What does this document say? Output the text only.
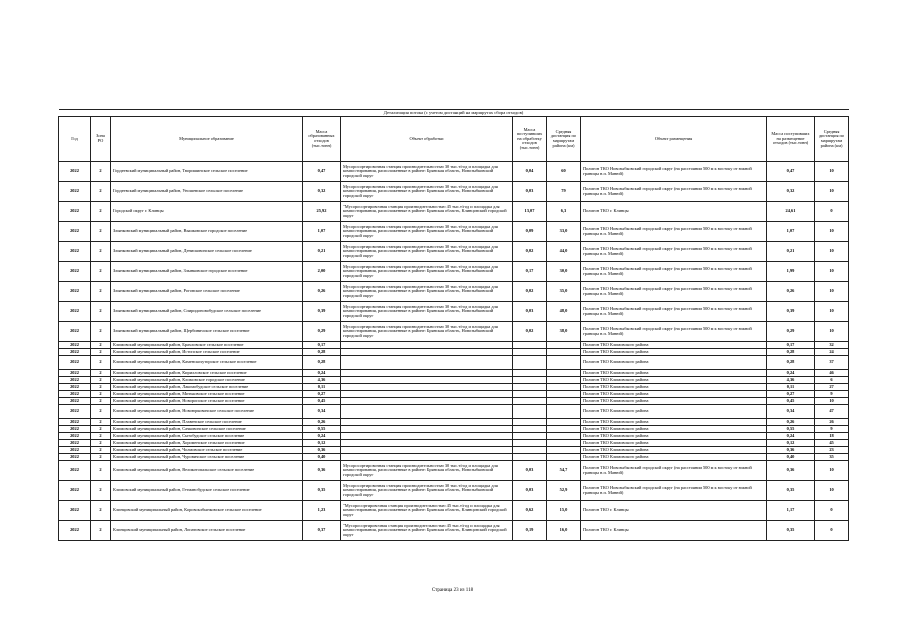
Детализация потока (с учетом дистанций на маршрутах сбора отходов)									
Год	Зона РО	Муниципальное образование	Масса образованных отходов (тыс.тонн)	Объект обработки	Масса поступивших на обработку отходов (тыс.тонн)	Средняя дистанция по маршрутам района (км)	Объект размещения	Масса поступивших на размещение отходов (тыс.тонн)	Средняя дистанция по маршрутам района (км)
2022	2	Гордеевский муниципальный район, Творишинское сельское поселение	0,47	Мусоросортировочная станция производительностью 30 тыс.т/год и площадка для компостирования, расположенные в районе: Брянская область, Новозыбковский городской округ	0,04	60	Полигон ТКО Новозыбковский городской округ (на расстоянии 500 м к востоку от южной границы н.п. Манюй)	0,47	10
2022	2	Гордеевский муниципальный район, Уношевское сельское поселение	0,32	Мусоросортировочная станция производительностью 30 тыс.т/год и площадка для компостирования, расположенные в районе: Брянская область, Новозыбковский городской округ	0,03	79	Полигон ТКО Новозыбковский городской округ (на расстоянии 500 м к востоку от южной границы н.п. Манюй)	0,32	10
2022	2	Городской округ г. Клинцы	25,92	"Мусоросортировочная станция производительностью 45 тыс.т/год и площадка для компостирования, расположенные в районе: Брянская область, Клинцовский городской округ	13,07	6,3	Полигон ТКО г. Клинцы	24,61	0
2022	2	Злынковский муниципальный район, Вышковское городское поселение	1,07	Мусоросортировочная станция производительностью 30 тыс.т/год и площадка для компостирования, расположенные в районе: Брянская область, Новозыбковский городской округ	0,09	33,0	Полигон ТКО Новозыбковский городской округ (на расстоянии 500 м к востоку от южной границы н.п. Манюй)	1,07	10
2022	2	Злынковский муниципальный район, Денисковичское сельское поселение	0,21	Мусоросортировочная станция производительностью 30 тыс.т/год и площадка для компостирования, расположенные в районе: Брянская область, Новозыбковский городской округ	0,02	44,0	Полигон ТКО Новозыбковский городской округ (на расстоянии 500 м к востоку от южной границы н.п. Манюй)	0,21	10
2022	2	Злынковский муниципальный район, Злынковское городское поселение	2,00	Мусоросортировочная станция производительностью 30 тыс.т/год и площадка для компостирования, расположенные в районе: Брянская область, Новозыбковский городской округ	0,17	30,0	Полигон ТКО Новозыбковский городской округ (на расстоянии 500 м к востоку от южной границы н.п. Манюй)	1,99	10
2022	2	Злынковский муниципальный район, Роговское сельское поселение	0,26	Мусоросортировочная станция производительностью 30 тыс.т/год и площадка для компостирования, расположенные в районе: Брянская область, Новозыбковский городской округ	0,02	35,0	Полигон ТКО Новозыбковский городской округ (на расстоянии 500 м к востоку от южной границы н.п. Манюй)	0,26	10
2022	2	Злынковский муниципальный район, Спиридоновобудское сельское поселение	0,39	Мусоросортировочная станция производительностью 30 тыс.т/год и площадка для компостирования, расположенные в районе: Брянская область, Новозыбковский городской округ	0,03	48,0	Полигон ТКО Новозыбковский городской округ (на расстоянии 500 м к востоку от южной границы н.п. Манюй)	0,39	10
2022	2	Злынковский муниципальный район, Щербиничское сельское поселение	0,29	Мусоросортировочная станция производительностью 30 тыс.т/год и площадка для компостирования, расположенные в районе: Брянская область, Новозыбковский городской округ	0,02	38,0	Полигон ТКО Новозыбковский городской округ (на расстоянии 500 м к востоку от южной границы н.п. Манюй)	0,29	10
2022	2	Климовский муниципальный район, Брахловское сельское поселение	0,17				Полигон ТКО Климовского района	0,17	32
2022	2	Климовский муниципальный район, Истопское сельское поселение	0,28				Полигон ТКО Климовского района	0,28	24
2022	2	Климовский муниципальный район, Каменскохуторское сельское поселение	0,28				Полигон ТКО Климовского района	0,28	37
2022	2	Климовский муниципальный район, Кирилловское сельское поселение	0,24				Полигон ТКО Климовского района	0,24	46
2022	2	Климовский муниципальный район, Климовское городское поселение	4,36				Полигон ТКО Климовского района	4,36	6
2022	2	Климовский муниципальный район, Лакомобудское сельское поселение	0,11				Полигон ТКО Климовского района	0,11	27
2022	2	Климовский муниципальный район, Митьковское сельское поселение	0,27				Полигон ТКО Климовского района	0,27	9
2022	2	Климовский муниципальный район, Новоропское сельское поселение	0,45				Полигон ТКО Климовского района	0,45	10
2022	2	Климовский муниципальный район, Новоюрковичское сельское поселение	0,34				Полигон ТКО Климовского района	0,34	47
2022	2	Климовский муниципальный район, Плавенское сельское поселение	0,26				Полигон ТКО Климовского района	0,26	26
2022	2	Климовский муниципальный район, Сачковичское сельское поселение	0,55				Полигон ТКО Климовского района	0,55	9
2022	2	Климовский муниципальный район, Сытобудское сельское поселение	0,24				Полигон ТКО Климовского района	0,24	18
2022	2	Климовский муниципальный район, Хороменское сельское поселение	0,12				Полигон ТКО Климовского района	0,12	45
2022	2	Климовский муниципальный район, Чолмовское сельское поселение	0,36				Полигон ТКО Климовского района	0,36	23
2022	2	Климовский муниципальный район, Чуровичское сельское поселение	0,40				Полигон ТКО Климовского района	0,40	35
2022	2	Климовский муниципальный район, Великотопальское сельское поселение	0,36	Мусоросортировочная станция производительностью 30 тыс.т/год и площадка для компостирования, расположенные в районе: Брянская область, Новозыбковский городской округ	0,03	54,7	Полигон ТКО Новозыбковский городской округ (на расстоянии 500 м к востоку от южной границы н.п. Манюй)	0,36	10
2022	2	Климовский муниципальный район, Гетманобудское сельское поселение	0,35	Мусоросортировочная станция производительностью 30 тыс.т/год и площадка для компостирования, расположенные в районе: Брянская область, Новозыбковский городской округ	0,03	52,9	Полигон ТКО Новозыбковский городской округ (на расстоянии 500 м к востоку от южной границы н.п. Манюй)	0,35	10
2022	2	Клинцовский муниципальный район, Коровоклбынковское сельское поселение	1,23	"Мусоросортировочная станция производительностью 45 тыс.т/год и площадка для компостирования, расположенные в районе: Брянская область, Клинцовский городской округ	0,62	15,0	Полигон ТКО г. Клинцы	1,17	0
2022	2	Клинцовский муниципальный район, Лопатовское сельское поселение	0,37	"Мусоросортировочная станция производительностью 45 тыс.т/год и площадка для компостирования, расположенные в районе: Брянская область, Клинцовский городской округ	0,19	16,0	Полигон ТКО г. Клинцы	0,35	0
Страница 23 из 118
